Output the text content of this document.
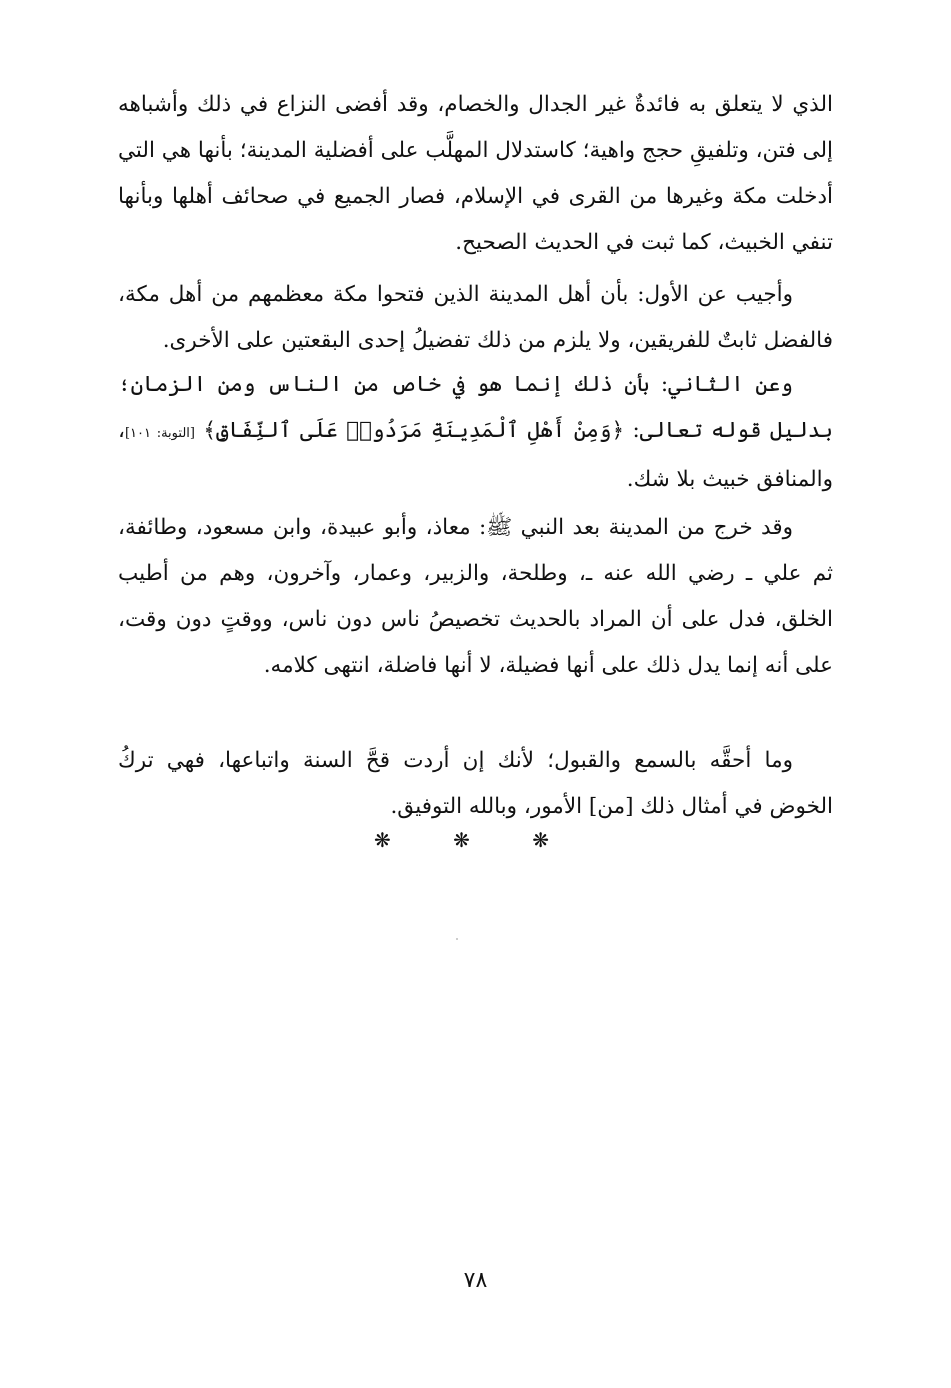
الذي لا يتعلق به فائدةٌ غير الجدال والخصام، وقد أفضى النزاع في ذلك وأشباهه إلى فتن، وتلفيقِ حجج واهية؛ كاستدلال المهلَّب على أفضلية المدينة؛ بأنها هي التي أدخلت مكة وغيرها من القرى في الإسلام، فصار الجميع في صحائف أهلها وبأنها تنفي الخبيث، كما ثبت في الحديث الصحيح.

وأجيب عن الأول: بأن أهل المدينة الذين فتحوا مكة معظمهم من أهل مكة، فالفضل ثابتٌ للفريقين، ولا يلزم من ذلك تفضيلُ إحدى البقعتين على الأخرى.

وعن الثاني: بأن ذلك إنما هو في خاص من الناس ومن الزمان؛ بدليل قوله تعالى: ﴿وَمِنْ أَهْلِ ٱلْمَدِينَةِ مَرَدُوا۟ عَلَى ٱلنِّفَاقِ﴾ [التوبة: ١٠١]، والمنافق خبيث بلا شك.

وقد خرج من المدينة بعد النبي ﷺ: معاذ، وأبو عبيدة، وابن مسعود، وطائفة، ثم علي ـ رضي الله عنه ـ، وطلحة، والزبير، وعمار، وآخرون، وهم من أطيب الخلق، فدل على أن المراد بالحديث تخصيصُ ناس دون ناس، ووقتٍ دون وقت، على أنه إنما يدل ذلك على أنها فضيلة، لا أنها فاضلة، انتهى كلامه.

وما أحقَّه بالسمع والقبول؛ لأنك إن أردت قحَّ السنة واتباعها، فهي تركُ الخوض في أمثال ذلك [من] الأمور، وبالله التوفيق.

❋ ❋ ❋
٧٨
